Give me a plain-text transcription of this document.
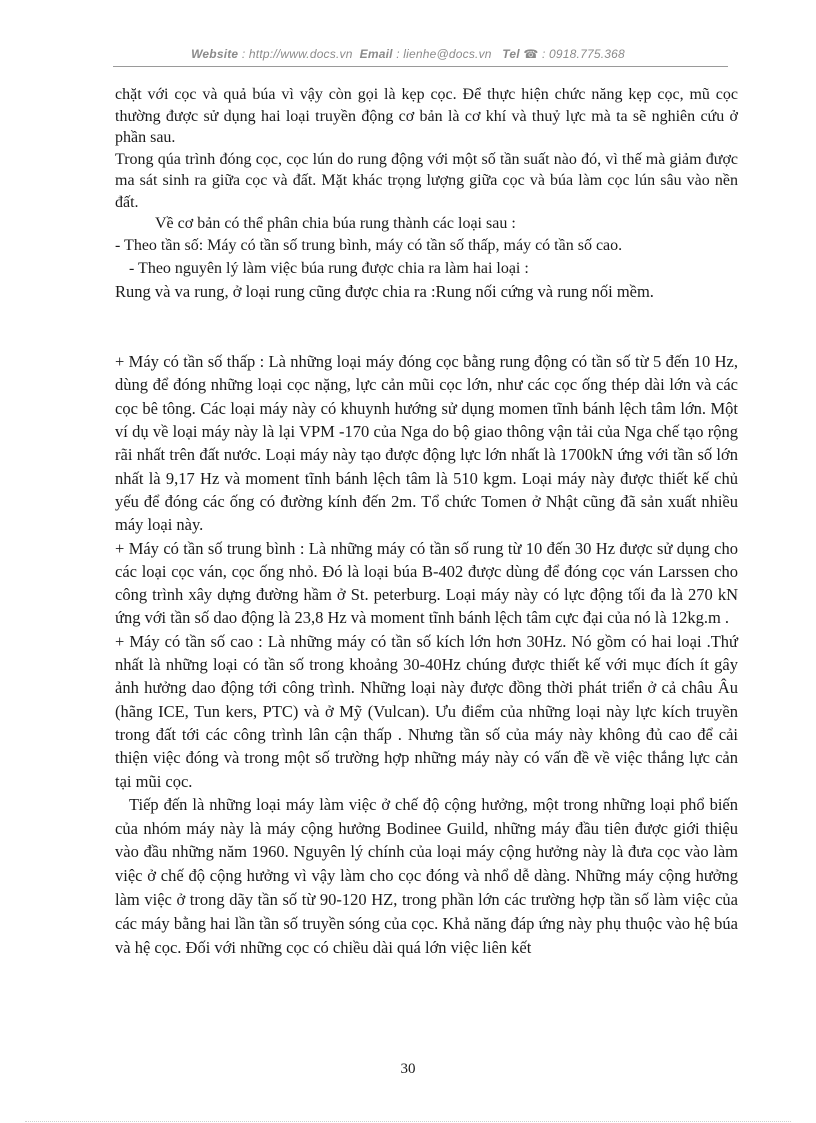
Website : http://www.docs.vn Email : lienhe@docs.vn Tel ☎ : 0918.775.368

chặt với cọc và quả búa vì vậy còn gọi là kẹp cọc. Để thực hiện chức năng kẹp cọc, mũ cọc thường được sử dụng hai loại truyền động cơ bản là cơ khí và thuỷ lực mà ta sẽ nghiên cứu ở phần sau.

Trong qúa trình đóng cọc, cọc lún do rung động với một số tần suất nào đó, vì thế mà giảm được ma sát sinh ra giữa cọc và đất. Mặt khác trọng lượng giữa cọc và búa làm cọc lún sâu vào nền đất.

Về cơ bản có thể phân chia búa rung thành các loại sau :

- Theo tần số: Máy có tần số trung bình, máy có tần số thấp, máy có tần số cao.

- Theo nguyên lý làm việc búa rung được chia ra làm hai loại :

Rung và va rung, ở loại rung cũng được chia ra :Rung nối cứng và rung nối mềm.

+ Máy có tần số thấp : Là những loại máy đóng cọc bằng rung động có tần số từ 5 đến 10 Hz, dùng để đóng những loại cọc nặng, lực cản mũi cọc lớn, như các cọc ống thép dài lớn và các cọc bê tông. Các loại máy này có khuynh hướng sử dụng momen tĩnh bánh lệch tâm lớn. Một ví dụ về loại máy này là lại VPM -170 của Nga do bộ giao thông vận tải của Nga chế tạo rộng rãi nhất trên đất nước. Loại máy này tạo được động lực lớn nhất là 1700kN ứng với tần số lớn nhất là 9,17 Hz và moment tĩnh bánh lệch tâm là 510 kgm. Loại máy này được thiết kế chủ yếu để đóng các ống có đường kính đến 2m. Tổ chức Tomen ở Nhật cũng đã sản xuất nhiều máy loại này.

+ Máy có tần số trung bình : Là những máy có tần số rung từ 10 đến 30 Hz được sử dụng cho các loại cọc ván, cọc ống nhỏ. Đó là loại búa B-402 được dùng để đóng cọc ván Larssen cho công trình xây dựng đường hầm ở St. peterburg. Loại máy này có lực động tối đa là 270 kN ứng với tần số dao động là 23,8 Hz và moment tĩnh bánh lệch tâm cực đại của nó là 12kg.m .

+ Máy có tần số cao : Là những máy có tần số kích lớn hơn 30Hz. Nó gồm có hai loại .Thứ nhất là những loại có tần số trong khoảng 30-40Hz chúng được thiết kế với mục đích ít gây ảnh hưởng dao động tới công trình. Những loại này được đồng thời phát triển ở cả châu Âu (hãng ICE, Tun kers, PTC) và ở Mỹ (Vulcan). Ưu điểm của những loại này lực kích truyền trong đất tới các công trình lân cận thấp . Nhưng tần số của máy này không đủ cao để cải thiện việc đóng và trong một số trường hợp những máy này có vấn đề về việc thắng lực cản tại mũi cọc.

Tiếp đến là những loại máy làm việc ở chế độ cộng hưởng, một trong những loại phổ biến của nhóm máy này là máy cộng hưởng Bodinee Guild, những máy đầu tiên được giới thiệu vào đầu những năm 1960. Nguyên lý chính của loại máy cộng hưởng này là đưa cọc vào làm việc ở chế độ cộng hưởng vì vậy làm cho cọc đóng và nhổ dễ dàng. Những máy cộng hưởng làm việc ở trong dãy tần số từ 90-120 HZ, trong phần lớn các trường hợp tần số làm việc của các máy bằng hai lần tần số truyền sóng của cọc. Khả năng đáp ứng này phụ thuộc vào hệ búa và hệ cọc. Đối với những cọc có chiều dài quá lớn việc liên kết

30
